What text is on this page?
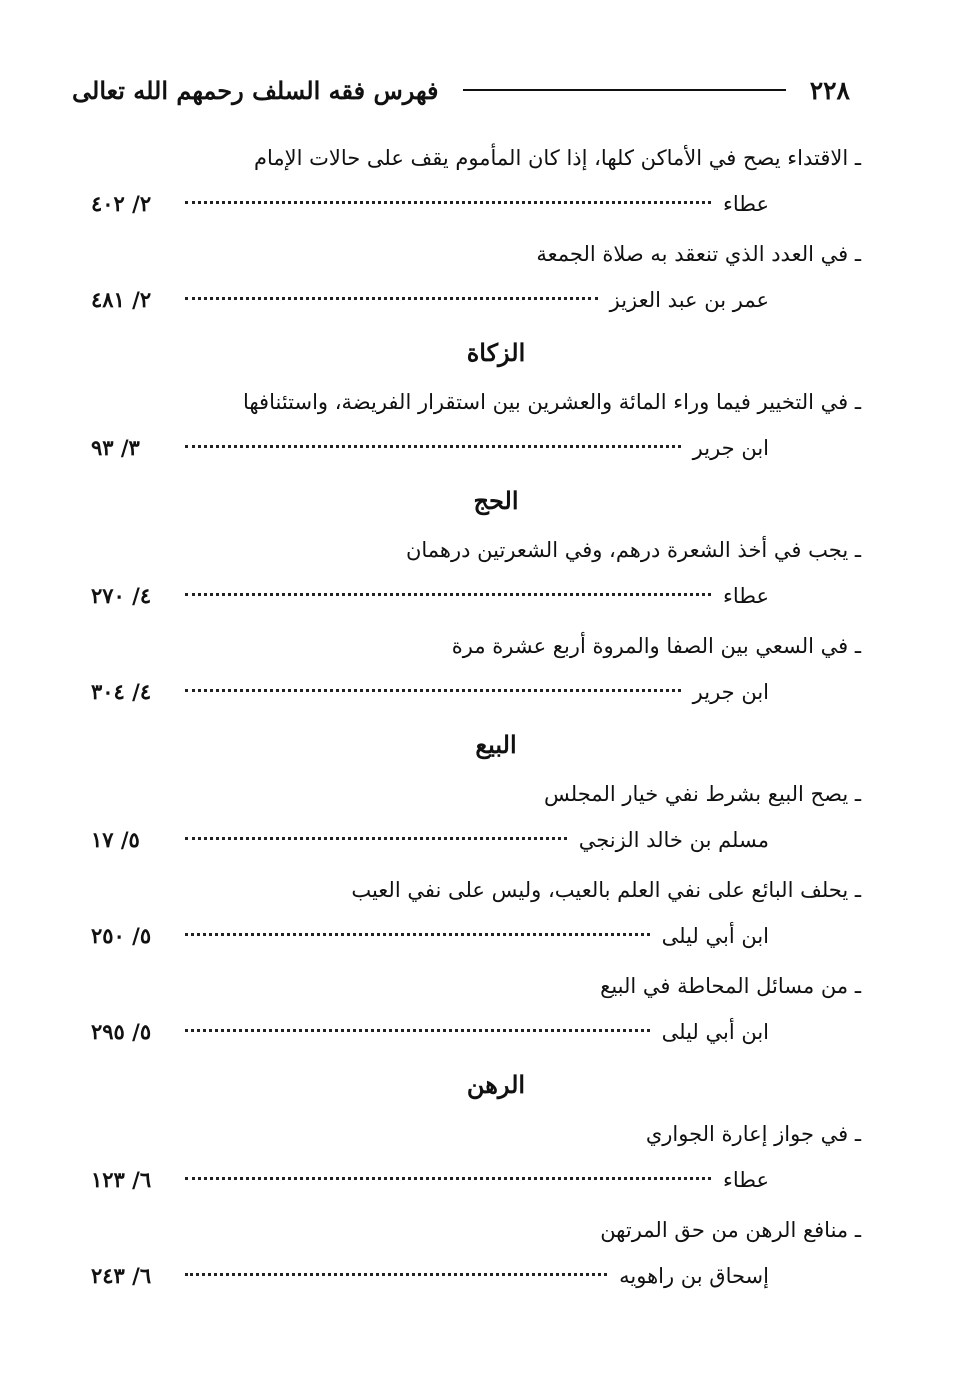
٢٢٨
فهرس فقه السلف رحمهم الله تعالى
ـ الاقتداء يصح في الأماكن كلها، إذا كان المأموم يقف على حالات الإمام
عطاء
٢/ ٤٠٢
ـ في العدد الذي تنعقد به صلاة الجمعة
عمر بن عبد العزيز
٢/ ٤٨١
الزكاة
ـ في التخيير فيما وراء المائة والعشرين بين استقرار الفريضة، واستئنافها
ابن جرير
٣/ ٩٣
الحج
ـ يجب في أخذ الشعرة درهم، وفي الشعرتين درهمان
عطاء
٤/ ٢٧٠
ـ في السعي بين الصفا والمروة أربع عشرة مرة
ابن جرير
٤/ ٣٠٤
البيع
ـ يصح البيع بشرط نفي خيار المجلس
مسلم بن خالد الزنجي
٥/ ١٧
ـ يحلف البائع على نفي العلم بالعيب، وليس على نفي العيب
ابن أبي ليلى
٥/ ٢٥٠
ـ من مسائل المحاطة في البيع
ابن أبي ليلى
٥/ ٢٩٥
الرهن
ـ في جواز إعارة الجواري
عطاء
٦/ ١٢٣
ـ منافع الرهن من حق المرتهن
إسحاق بن راهويه
٦/ ٢٤٣
